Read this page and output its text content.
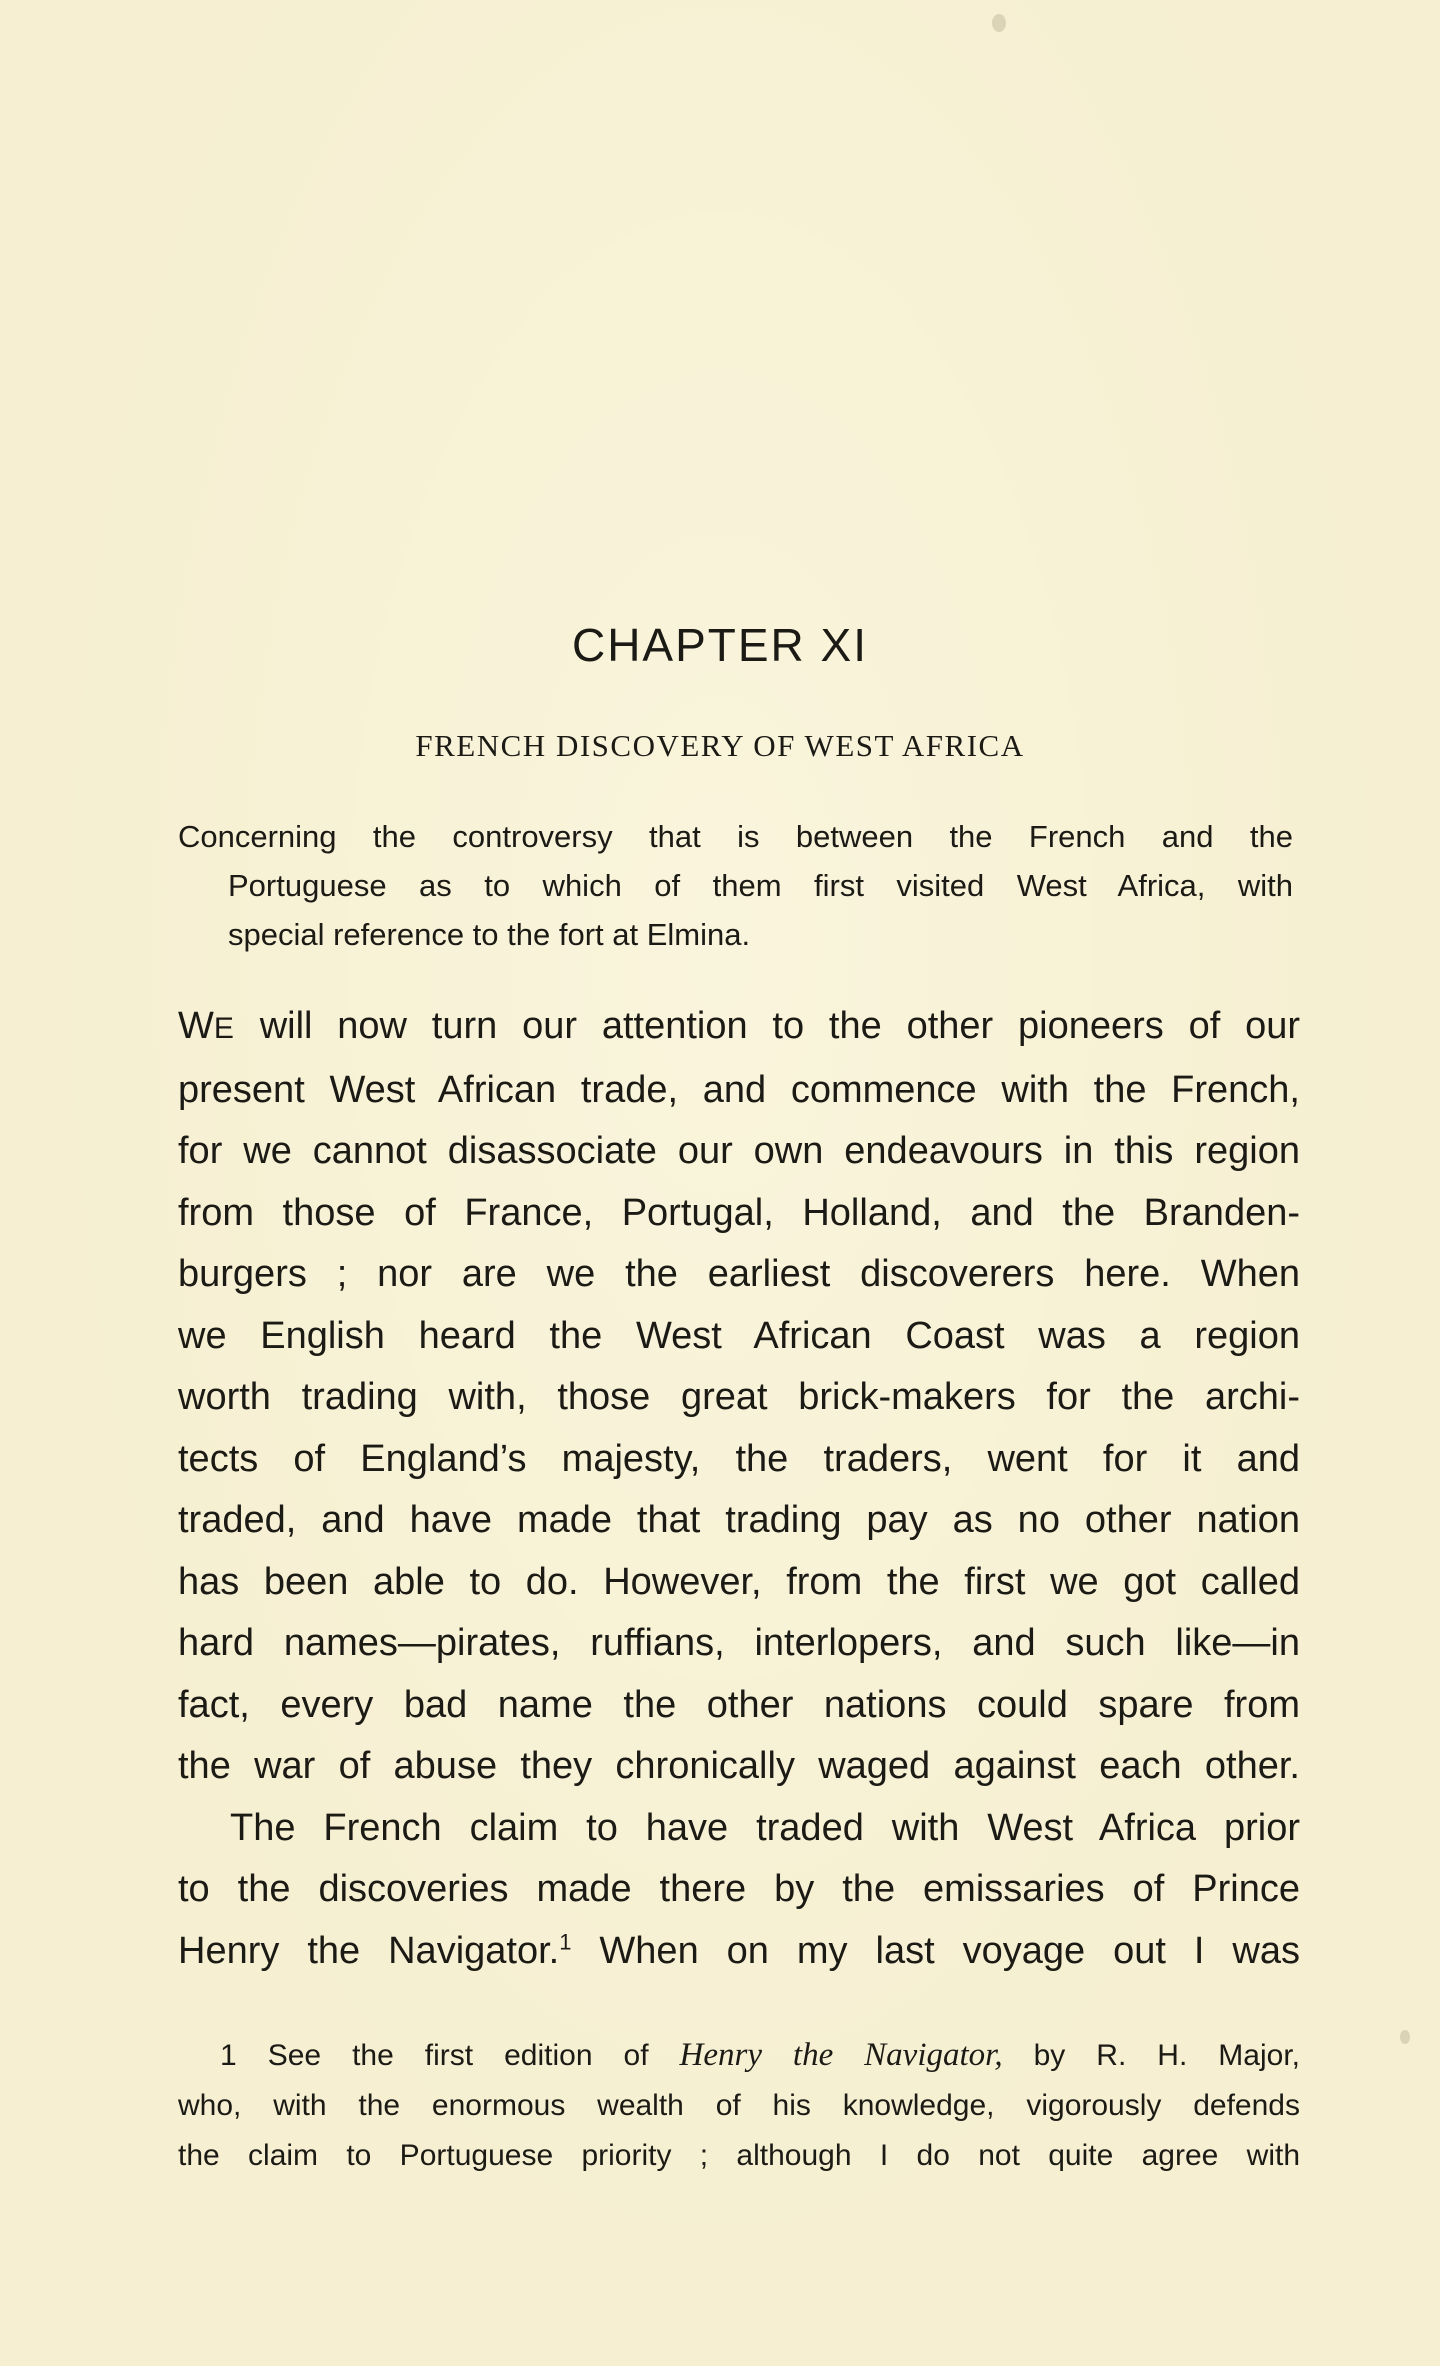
CHAPTER XI
FRENCH DISCOVERY OF WEST AFRICA
Concerning the controversy that is between the French and the
Portuguese as to which of them first visited West Africa, with
special reference to the fort at Elmina.
WE will now turn our attention to the other pioneers of our
present West African trade, and commence with the French,
for we cannot disassociate our own endeavours in this region
from those of France, Portugal, Holland, and the Branden-
burgers ; nor are we the earliest discoverers here. When
we English heard the West African Coast was a region
worth trading with, those great brick-makers for the archi-
tects of England’s majesty, the traders, went for it and
traded, and have made that trading pay as no other nation
has been able to do. However, from the first we got called
hard names—pirates, ruffians, interlopers, and such like—in
fact, every bad name the other nations could spare from
the war of abuse they chronically waged against each other.
The French claim to have traded with West Africa prior
to the discoveries made there by the emissaries of Prince
Henry the Navigator.$^1$ When on my last voyage out I was
1 See the first edition of Henry the Navigator, by R. H. Major,
who, with the enormous wealth of his knowledge, vigorously defends
the claim to Portuguese priority ; although I do not quite agree with
